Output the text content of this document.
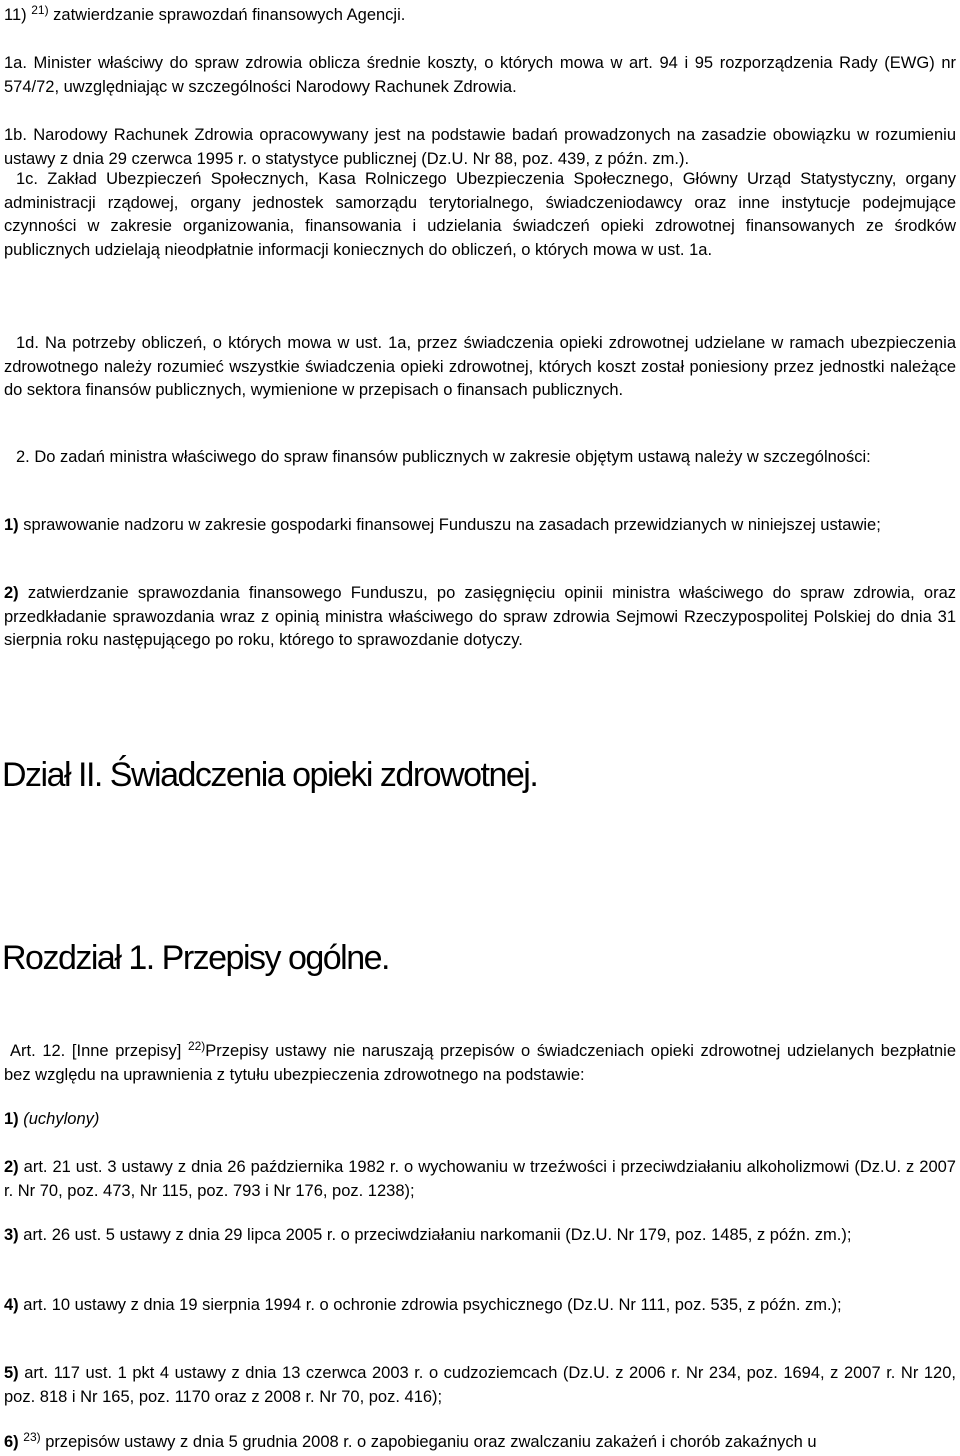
11) $^{21)}$ zatwierdzanie sprawozdań finansowych Agencji.

1a. Minister właściwy do spraw zdrowia oblicza średnie koszty, o których mowa w art. 94 i 95 rozporządzenia Rady (EWG) nr 574/72, uwzględniając w szczególności Narodowy Rachunek Zdrowia.

1b. Narodowy Rachunek Zdrowia opracowywany jest na podstawie badań prowadzonych na zasadzie obowiązku w rozumieniu ustawy z dnia 29 czerwca 1995 r. o statystyce publicznej (Dz.U. Nr 88, poz. 439, z późn. zm.).

1c. Zakład Ubezpieczeń Społecznych, Kasa Rolniczego Ubezpieczenia Społecznego, Główny Urząd Statystyczny, organy administracji rządowej, organy jednostek samorządu terytorialnego, świadczeniodawcy oraz inne instytucje podejmujące czynności w zakresie organizowania, finansowania i udzielania świadczeń opieki zdrowotnej finansowanych ze środków publicznych udzielają nieodpłatnie informacji koniecznych do obliczeń, o których mowa w ust. 1a.

1d. Na potrzeby obliczeń, o których mowa w ust. 1a, przez świadczenia opieki zdrowotnej udzielane w ramach ubezpieczenia zdrowotnego należy rozumieć wszystkie świadczenia opieki zdrowotnej, których koszt został poniesiony przez jednostki należące do sektora finansów publicznych, wymienione w przepisach o finansach publicznych.

2. Do zadań ministra właściwego do spraw finansów publicznych w zakresie objętym ustawą należy w szczególności:

1) sprawowanie nadzoru w zakresie gospodarki finansowej Funduszu na zasadach przewidzianych w niniejszej ustawie;

2) zatwierdzanie sprawozdania finansowego Funduszu, po zasięgnięciu opinii ministra właściwego do spraw zdrowia, oraz przedkładanie sprawozdania wraz z opinią ministra właściwego do spraw zdrowia Sejmowi Rzeczypospolitej Polskiej do dnia 31 sierpnia roku następującego po roku, którego to sprawozdanie dotyczy.

Dział II. Świadczenia opieki zdrowotnej.
Rozdział 1. Przepisy ogólne.

Art. 12. [Inne przepisy] $^{22)}$Przepisy ustawy nie naruszają przepisów o świadczeniach opieki zdrowotnej udzielanych bezpłatnie bez względu na uprawnienia z tytułu ubezpieczenia zdrowotnego na podstawie:

1) (uchylony)

2) art. 21 ust. 3 ustawy z dnia 26 października 1982 r. o wychowaniu w trzeźwości i przeciwdziałaniu alkoholizmowi (Dz.U. z 2007 r. Nr 70, poz. 473, Nr 115, poz. 793 i Nr 176, poz. 1238);

3) art. 26 ust. 5 ustawy z dnia 29 lipca 2005 r. o przeciwdziałaniu narkomanii (Dz.U. Nr 179, poz. 1485, z późn. zm.);

4) art. 10 ustawy z dnia 19 sierpnia 1994 r. o ochronie zdrowia psychicznego (Dz.U. Nr 111, poz. 535, z późn. zm.);

5) art. 117 ust. 1 pkt 4 ustawy z dnia 13 czerwca 2003 r. o cudzoziemcach (Dz.U. z 2006 r. Nr 234, poz. 1694, z 2007 r. Nr 120, poz. 818 i Nr 165, poz. 1170 oraz z 2008 r. Nr 70, poz. 416);

6) $^{23)}$ przepisów ustawy z dnia 5 grudnia 2008 r. o zapobieganiu oraz zwalczaniu zakażeń i chorób zakaźnych u
